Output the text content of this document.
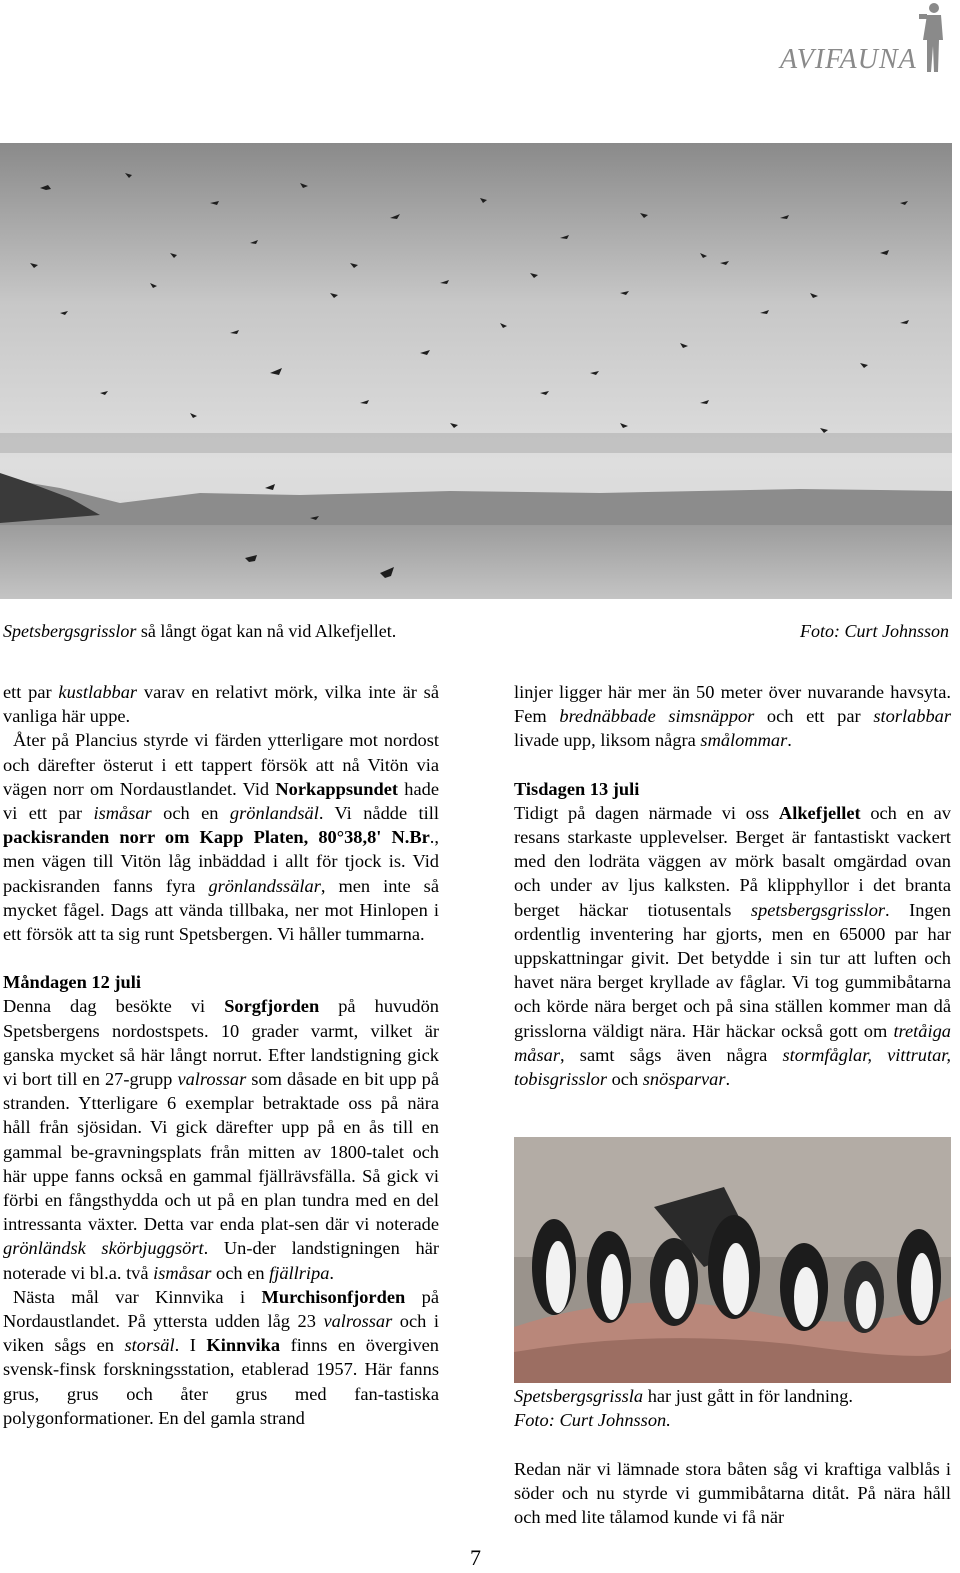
AVIFAUNA
Spetsbergsgrisslor så långt ögat kan nå vid Alkefjellet.	Foto: Curt Johnsson

ett par kustlabbar varav en relativt mörk, vilka inte är så vanliga här uppe.

Åter på Plancius styrde vi färden ytterligare mot nordost och därefter österut i ett tappert försök att nå Vitön via vägen norr om Nordaustlandet. Vid Norkappsundet hade vi ett par ismåsar och en grönlandsäl. Vi nådde till packisranden norr om Kapp Platen, 80°38,8' N.Br., men vägen till Vitön låg inbäddad i allt för tjock is. Vid packisranden fanns fyra grönlandssälar, men inte så mycket fågel. Dags att vända tillbaka, ner mot Hinlopen i ett försök att ta sig runt Spetsbergen. Vi håller tummarna.

Måndagen 12 juli

Denna dag besökte vi Sorgfjorden på huvudön Spetsbergens nordostspets. 10 grader varmt, vilket är ganska mycket så här långt norrut. Efter landstigning gick vi bort till en 27-grupp valrossar som dåsade en bit upp på stranden. Ytterligare 6 exemplar betraktade oss på nära håll från sjösidan. Vi gick därefter upp på en ås till en gammal be-gravningsplats från mitten av 1800-talet och här uppe fanns också en gammal fjällrävsfälla. Så gick vi förbi en fångsthydda och ut på en plan tundra med en del intressanta växter. Detta var enda plat-sen där vi noterade grönländsk skörbjuggsört. Un-der landstigningen här noterade vi bl.a. två ismåsar och en fjällripa.

Nästa mål var Kinnvika i Murchisonfjorden på Nordaustlandet. På yttersta udden låg 23 valrossar och i viken sågs en storsäl. I Kinnvika finns en övergiven svensk-finsk forskningsstation, etablerad 1957. Här fanns grus, grus och åter grus med fan-tastiska polygonformationer. En del gamla strand

linjer ligger här mer än 50 meter över nuvarande havsyta. Fem brednäbbade simsnäppor och ett par storlabbar livade upp, liksom några smålommar.

Tisdagen 13 juli

Tidigt på dagen närmade vi oss Alkefjellet och en av resans starkaste upplevelser. Berget är fantastiskt vackert med den lodräta väggen av mörk basalt omgärdad ovan och under av ljus kalksten. På klipphyllor i det branta berget häckar tiotusentals spetsbergsgrisslor. Ingen ordentlig inventering har gjorts, men en 65000 par har uppskattningar givit. Det betydde i sin tur att luften och havet nära berget kryllade av fåglar. Vi tog gummibåtarna och körde nära berget och på sina ställen kommer man då grisslorna väldigt nära. Här häckar också gott om tretåiga måsar, samt sågs även några stormfåglar, vittrutar, tobisgrisslor och snösparvar.

Spetsbergsgrissla har just gått in för landning.
Foto: Curt Johnsson.

Redan när vi lämnade stora båten såg vi kraftiga valblås i söder och nu styrde vi gummibåtarna ditåt. På nära håll och med lite tålamod kunde vi få när

7
